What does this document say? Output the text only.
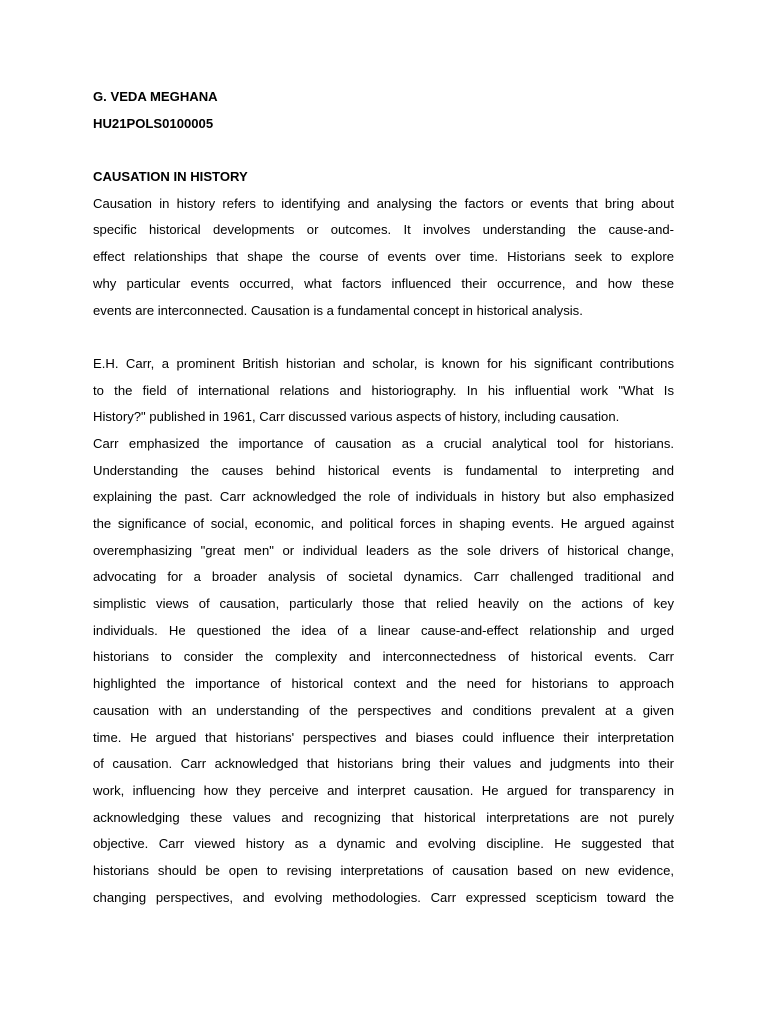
G. VEDA MEGHANA
HU21POLS0100005
CAUSATION IN HISTORY
Causation in history refers to identifying and analysing the factors or events that bring about
specific historical developments or outcomes. It involves understanding the cause-and-
effect relationships that shape the course of events over time. Historians seek to explore
why particular events occurred, what factors influenced their occurrence, and how these
events are interconnected. Causation is a fundamental concept in historical analysis.
E.H. Carr, a prominent British historian and scholar, is known for his significant contributions
to the field of international relations and historiography. In his influential work "What Is
History?" published in 1961, Carr discussed various aspects of history, including causation.
Carr emphasized the importance of causation as a crucial analytical tool for historians.
Understanding the causes behind historical events is fundamental to interpreting and
explaining the past. Carr acknowledged the role of individuals in history but also emphasized
the significance of social, economic, and political forces in shaping events. He argued against
overemphasizing "great men" or individual leaders as the sole drivers of historical change,
advocating for a broader analysis of societal dynamics. Carr challenged traditional and
simplistic views of causation, particularly those that relied heavily on the actions of key
individuals. He questioned the idea of a linear cause-and-effect relationship and urged
historians to consider the complexity and interconnectedness of historical events. Carr
highlighted the importance of historical context and the need for historians to approach
causation with an understanding of the perspectives and conditions prevalent at a given
time. He argued that historians' perspectives and biases could influence their interpretation
of causation. Carr acknowledged that historians bring their values and judgments into their
work, influencing how they perceive and interpret causation. He argued for transparency in
acknowledging these values and recognizing that historical interpretations are not purely
objective. Carr viewed history as a dynamic and evolving discipline. He suggested that
historians should be open to revising interpretations of causation based on new evidence,
changing perspectives, and evolving methodologies. Carr expressed scepticism toward the
